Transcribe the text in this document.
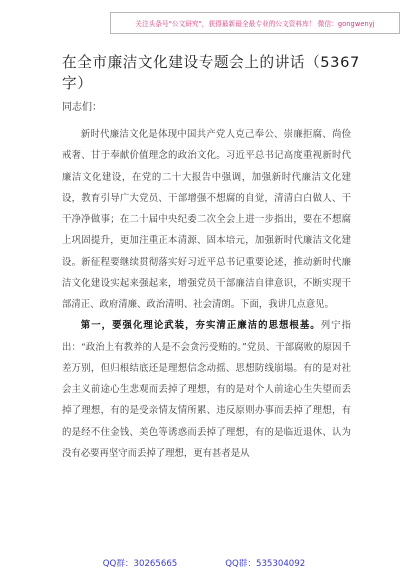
关注头条号"公文研究"，获得最新最全最专业的公文资料库！ 微信：gongwenyj
在全市廉洁文化建设专题会上的讲话（5367字）

同志们：

新时代廉洁文化是体现中国共产党人克己奉公、崇廉拒腐、尚俭戒奢、甘于奉献价值理念的政治文化。习近平总书记高度重视新时代廉洁文化建设，在党的二十大报告中强调，加强新时代廉洁文化建设，教育引导广大党员、干部增强不想腐的自觉，清清白白做人、干干净净做事；在二十届中央纪委二次全会上进一步指出，要在不想腐上巩固提升，更加注重正本清源、固本培元，加强新时代廉洁文化建设。新征程要继续贯彻落实好习近平总书记重要论述，推动新时代廉洁文化建设实起来强起来，增强党员干部廉洁自律意识，不断实现干部清正、政府清廉、政治清明、社会清朗。下面，我讲几点意见。

第一，要强化理论武装，夯实清正廉洁的思想根基。列宁指出：“政治上有教养的人是不会贪污受贿的。”党员、干部腐败的原因千差万别，但归根结底还是理想信念动摇、思想防线崩塌。有的是对社会主义前途心生悲观而丢掉了理想，有的是对个人前途心生失望而丢掉了理想，有的是受亲情友情所累、违反原则办事而丢掉了理想，有的是经不住金钱、美色等诱惑而丢掉了理想，有的是临近退休、认为没有必要再坚守而丢掉了理想，更有甚者是从

QQ群：30265665	QQ群：535304092
